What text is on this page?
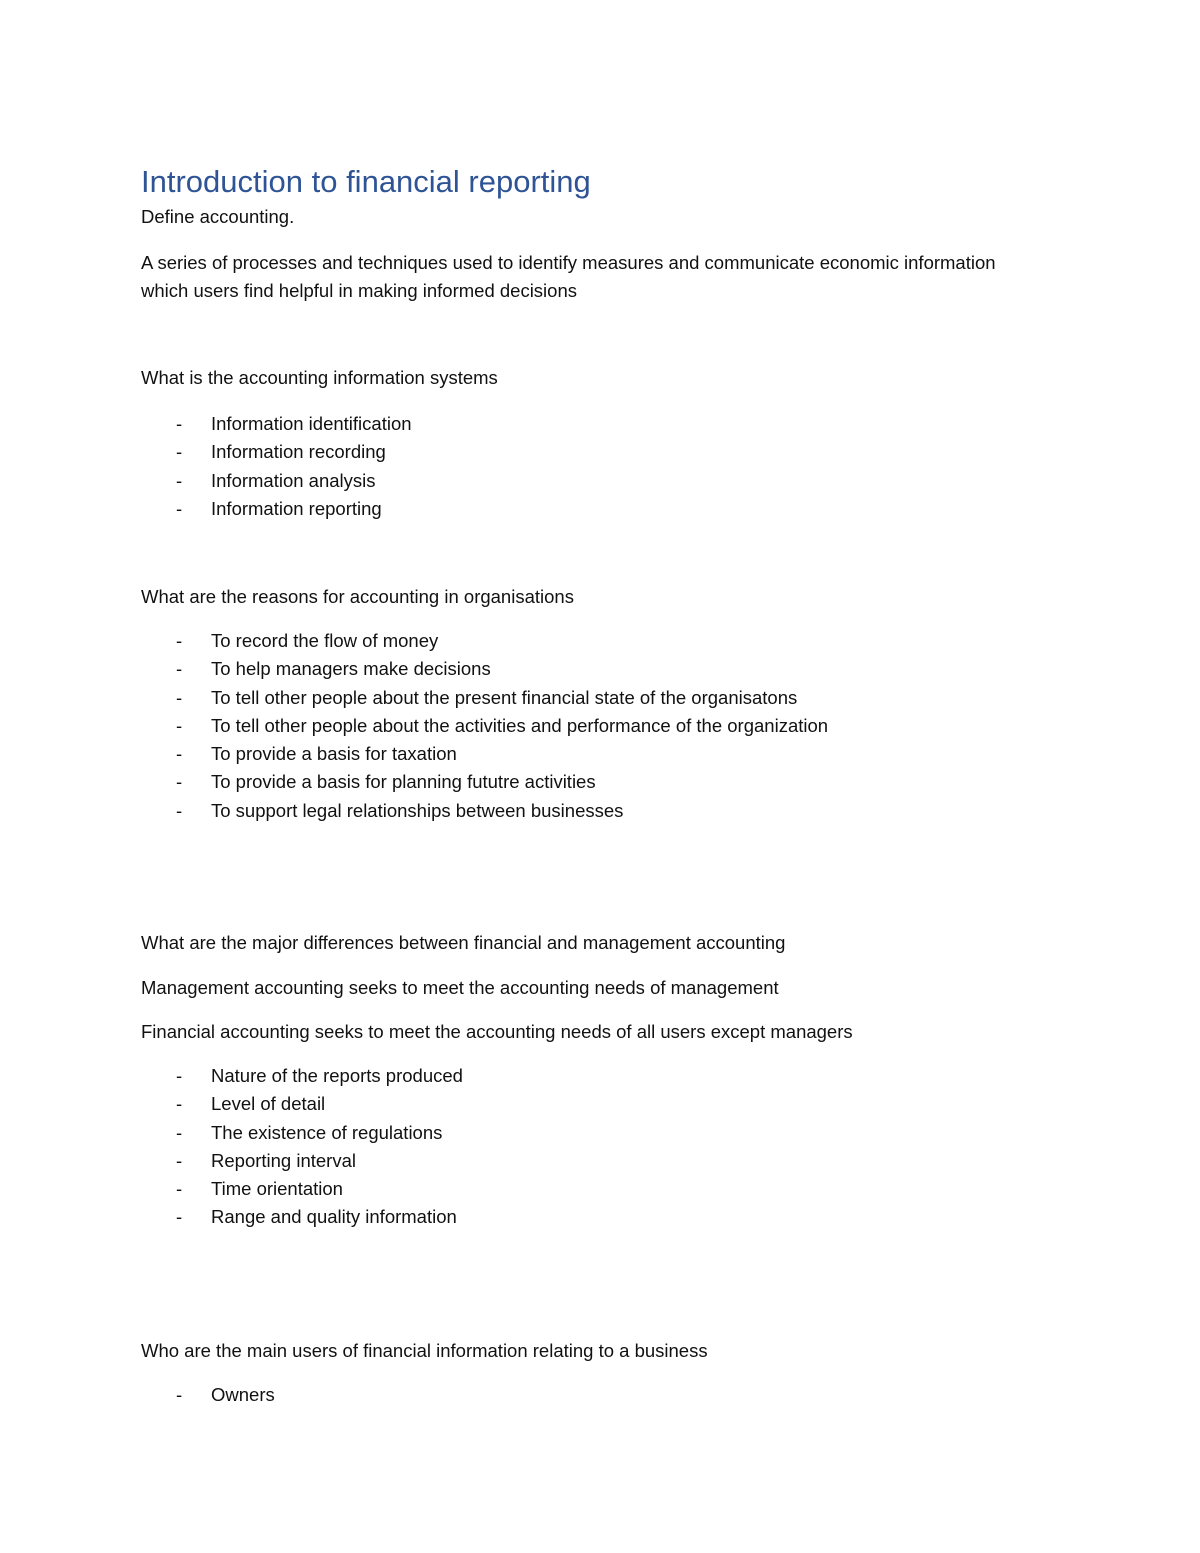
Introduction to financial reporting
Define accounting.
A series of processes and techniques used to identify measures and communicate economic information
which users find helpful in making informed decisions
What is the accounting information systems
- Information identification
- Information recording
- Information analysis
- Information reporting
What are the reasons for accounting in organisations
- To record the flow of money
- To help managers make decisions
- To tell other people about the present financial state of the organisatons
- To tell other people about the activities and performance of the organization
- To provide a basis for taxation
- To provide a basis for planning fututre activities
- To support legal relationships between businesses
What are the major differences between financial and management accounting
Management accounting seeks to meet the accounting needs of management
Financial accounting seeks to meet the accounting needs of all users except managers
- Nature of the reports produced
- Level of detail
- The existence of regulations
- Reporting interval
- Time orientation
- Range and quality information
Who are the main users of financial information relating to a business
- Owners
